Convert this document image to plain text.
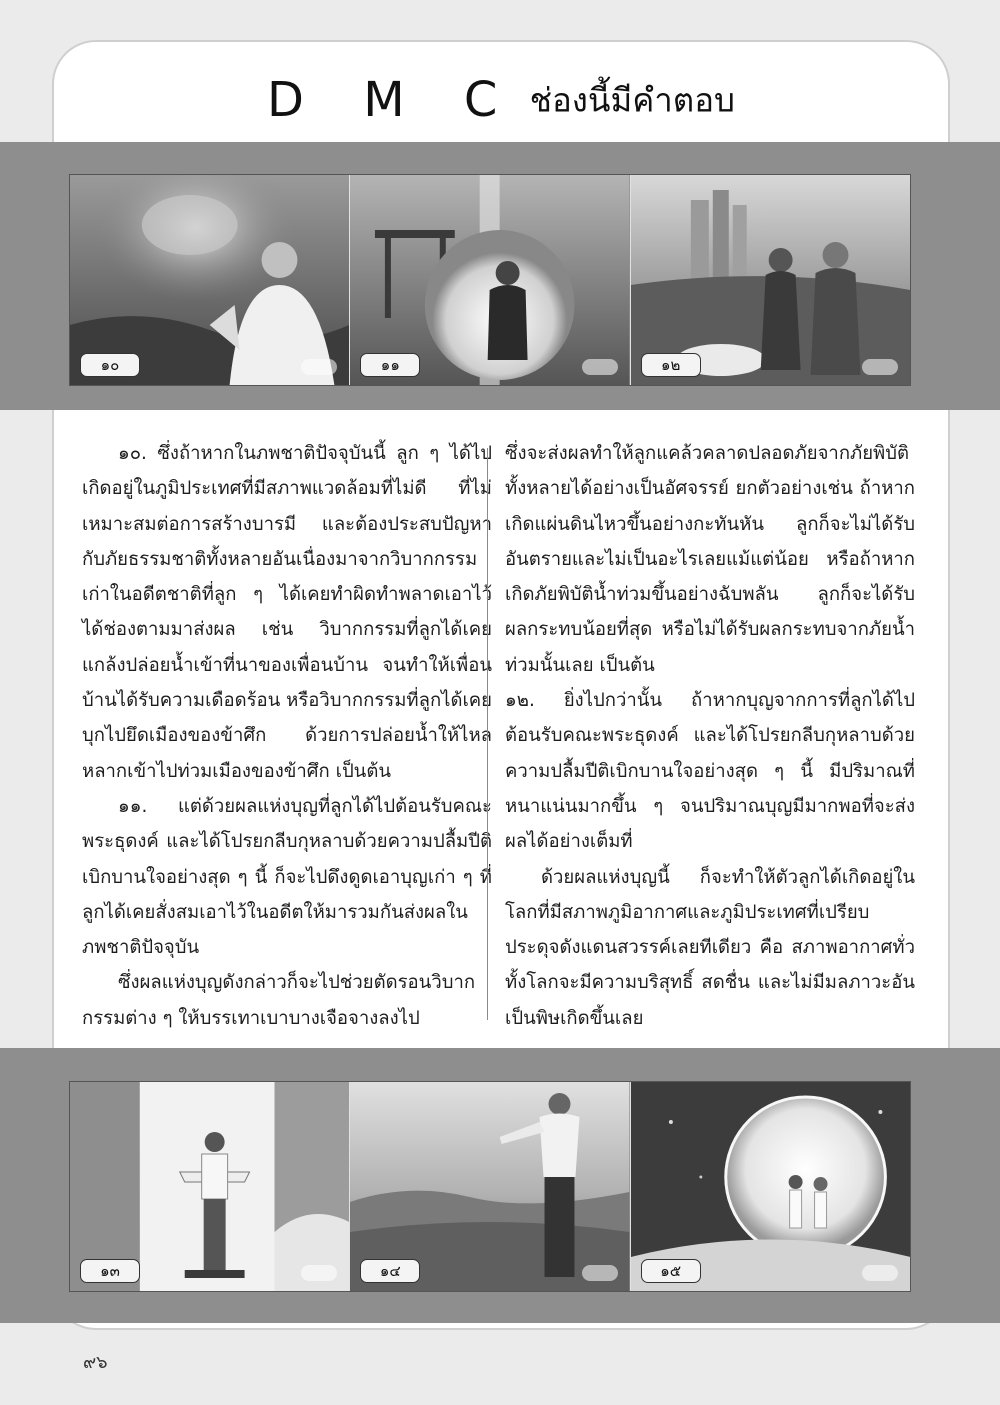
D M C ช่องนี้มีคำตอบ
๑๐	๑๑	๑๒

๑๐. ซึ่งถ้าหากในภพชาติปัจจุบันนี้ ลูก ๆ ได้ไปเกิดอยู่ในภูมิประเทศที่มีสภาพแวดล้อมที่ไม่ดี ที่ไม่เหมาะสมต่อการสร้างบารมี และต้องประสบปัญหากับภัยธรรมชาติทั้งหลายอันเนื่องมาจากวิบากกรรมเก่าในอดีตชาติที่ลูก ๆ ได้เคยทำผิดทำพลาดเอาไว้ ได้ช่องตามมาส่งผล เช่น วิบากกรรมที่ลูกได้เคยแกล้งปล่อยน้ำเข้าที่นาของเพื่อนบ้าน จนทำให้เพื่อนบ้านได้รับความเดือดร้อน หรือวิบากกรรมที่ลูกได้เคยบุกไปยึดเมืองของข้าศึก ด้วยการปล่อยน้ำให้ไหลหลากเข้าไปท่วมเมืองของข้าศึก เป็นต้น

๑๑. แต่ด้วยผลแห่งบุญที่ลูกได้ไปต้อนรับคณะพระธุดงค์ และได้โปรยกลีบกุหลาบด้วยความปลื้มปีติเบิกบานใจอย่างสุด ๆ นี้ ก็จะไปดึงดูดเอาบุญเก่า ๆ ที่ลูกได้เคยสั่งสมเอาไว้ในอดีตให้มารวมกันส่งผลในภพชาติปัจจุบัน

ซึ่งผลแห่งบุญดังกล่าวก็จะไปช่วยตัดรอนวิบากกรรมต่าง ๆ ให้บรรเทาเบาบางเจือจางลงไป

ซึ่งจะส่งผลทำให้ลูกแคล้วคลาดปลอดภัยจากภัยพิบัติทั้งหลายได้อย่างเป็นอัศจรรย์ ยกตัวอย่างเช่น ถ้าหากเกิดแผ่นดินไหวขึ้นอย่างกะทันหัน ลูกก็จะไม่ได้รับอันตรายและไม่เป็นอะไรเลยแม้แต่น้อย หรือถ้าหากเกิดภัยพิบัติน้ำท่วมขึ้นอย่างฉับพลัน ลูกก็จะได้รับผลกระทบน้อยที่สุด หรือไม่ได้รับผลกระทบจากภัยน้ำท่วมนั้นเลย เป็นต้น

๑๒. ยิ่งไปกว่านั้น ถ้าหากบุญจากการที่ลูกได้ไปต้อนรับคณะพระธุดงค์ และได้โปรยกลีบกุหลาบด้วยความปลื้มปีติเบิกบานใจอย่างสุด ๆ นี้ มีปริมาณที่หนาแน่นมากขึ้น ๆ จนปริมาณบุญมีมากพอที่จะส่งผลได้อย่างเต็มที่

ด้วยผลแห่งบุญนี้ ก็จะทำให้ตัวลูกได้เกิดอยู่ในโลกที่มีสภาพภูมิอากาศและภูมิประเทศที่เปรียบประดุจดังแดนสวรรค์เลยทีเดียว คือ สภาพอากาศทั่วทั้งโลกจะมีความบริสุทธิ์ สดชื่น และไม่มีมลภาวะอันเป็นพิษเกิดขึ้นเลย

๑๓	๑๔	๑๕
๙๖
